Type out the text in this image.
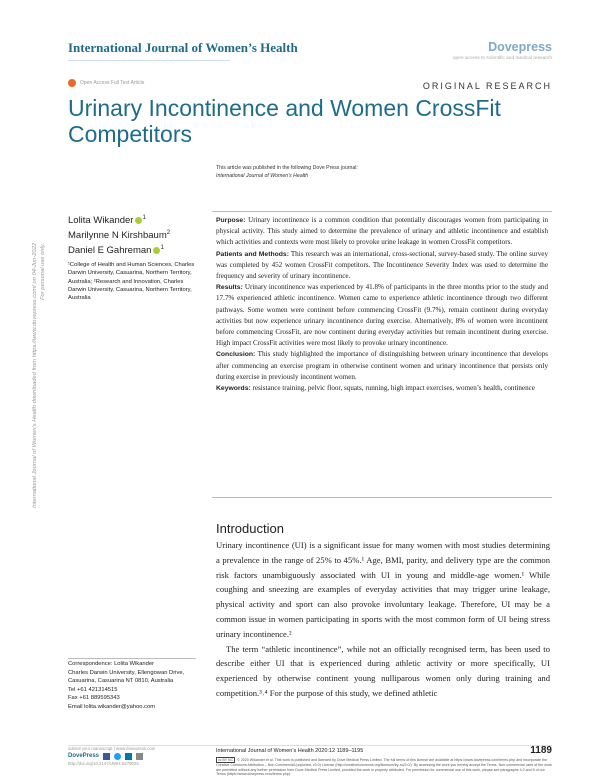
International Journal of Women’s Health	Dovepress
open access to scientific and medical research
Open Access Full Text Article	ORIGINAL RESEARCH
Urinary Incontinence and Women CrossFit Competitors
This article was published in the following Dove Press journal:
International Journal of Women’s Health
Lolita Wikander $^1$
Marilynne N Kirshbaum$^2$
Daniel E Gahreman $^1$
¹College of Health and Human Sciences, Charles Darwin University, Casuarina, Northern Territory, Australia; ²Research and Innovation, Charles Darwin University, Casuarina, Northern Territory, Australia

Purpose: Urinary incontinence is a common condition that potentially discourages women from participating in physical activity. This study aimed to determine the prevalence of urinary and athletic incontinence and establish which activities and contexts were most likely to provoke urine leakage in women CrossFit competitors.

Patients and Methods: This research was an international, cross-sectional, survey-based study. The online survey was completed by 452 women CrossFit competitors. The Incontinence Severity Index was used to determine the frequency and severity of urinary incontinence.

Results: Urinary incontinence was experienced by 41.8% of participants in the three months prior to the study and 17.7% experienced athletic incontinence. Women came to experience athletic incontinence through two different pathways. Some women were continent before commencing CrossFit (9.7%), remain continent during everyday activities but now experience urinary incontinence during exercise. Alternatively, 8% of women were incontinent before commencing CrossFit, are now continent during everyday activities but remain incontinent during exercise. High impact CrossFit activities were most likely to provoke urinary incontinence.

Conclusion: This study highlighted the importance of distinguishing between urinary incontinence that develops after commencing an exercise program in otherwise continent women and urinary incontinence that persists only during exercise in previously incontinent women.

Keywords: resistance training, pelvic floor, squats, running, high impact exercises, women’s health, continence

International Journal of Women’s Health downloaded from https://www.dovepress.com/ on 04-Jun-2022 For personal use only.
Introduction

Urinary incontinence (UI) is a significant issue for many women with most studies determining a prevalence in the range of 25% to 45%.¹ Age, BMI, parity, and delivery type are the common risk factors unambiguously associated with UI in young and middle-age women.¹ While coughing and sneezing are examples of everyday activities that may trigger urine leakage, physical activity and sport can also provoke involuntary leakage. Therefore, UI may be a common issue in women participating in sports with the most common form of UI being stress urinary incontinence.²

The term “athletic incontinence”, while not an officially recognised term, has been used to describe either UI that is experienced during athletic activity or more specifically, UI experienced by otherwise continent young nulliparous women only during training and competition.³˒⁴ For the purpose of this study, we defined athletic

Correspondence: Lolita Wikander
Charles Darwin University, Ellengowan Drive, Casuarina, Casuarina NT 0810, Australia
Tel +61 421314515
Fax +61 889595343
Email lolita.wikander@yahoo.com
submit your manuscript | www.dovepress.com
DovePress
http://doi.org/10.2147/IJWH.S279025
International Journal of Women’s Health 2020:12 1189–1195	1189
cc BY NC © 2020 Wikander et al. This work is published and licensed by Dove Medical Press Limited. The full terms of this license are available at https://www.dovepress.com/terms.php and incorporate the Creative Commons Attribution – Non Commercial (unported, v3.0) License (http://creativecommons.org/licenses/by-nc/3.0/). By accessing the work you hereby accept the Terms. Non-commercial uses of the work are permitted without any further permission from Dove Medical Press Limited, provided the work is properly attributed. For permission for commercial use of this work, please see paragraphs 4.2 and 5 of our Terms (https://www.dovepress.com/terms.php).
